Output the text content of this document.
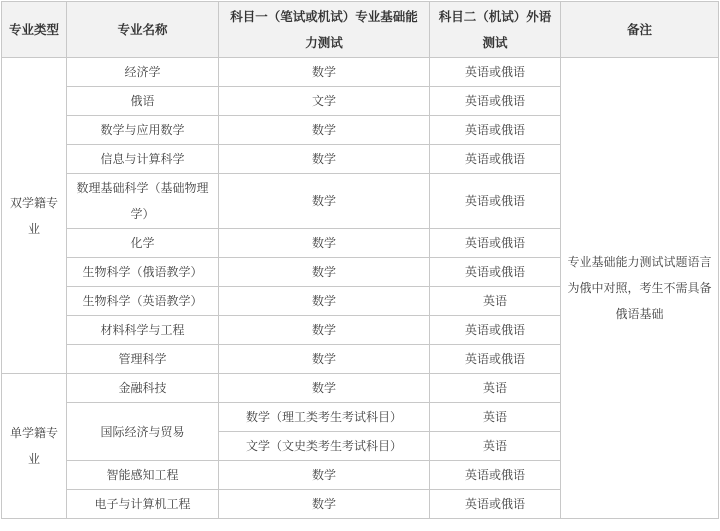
专业类型	专业名称	科目一（笔试或机试）专业基础能力测试	科目二（机试）外语测试	备注
双学籍专业	经济学	数学	英语或俄语	专业基础能力测试试题语言为俄中对照，考生不需具备俄语基础
	俄语	文学	英语或俄语	
	数学与应用数学	数学	英语或俄语	
	信息与计算科学	数学	英语或俄语	
	数理基础科学（基础物理学）	数学	英语或俄语	
	化学	数学	英语或俄语	
	生物科学（俄语教学）	数学	英语或俄语	
	生物科学（英语教学）	数学	英语	
	材料科学与工程	数学	英语或俄语	
	管理科学	数学	英语或俄语	
单学籍专业	金融科技	数学	英语	
	国际经济与贸易	数学（理工类考生考试科目）	英语	
		文学（文史类考生考试科目）	英语	
	智能感知工程	数学	英语或俄语	
	电子与计算机工程	数学	英语或俄语	
